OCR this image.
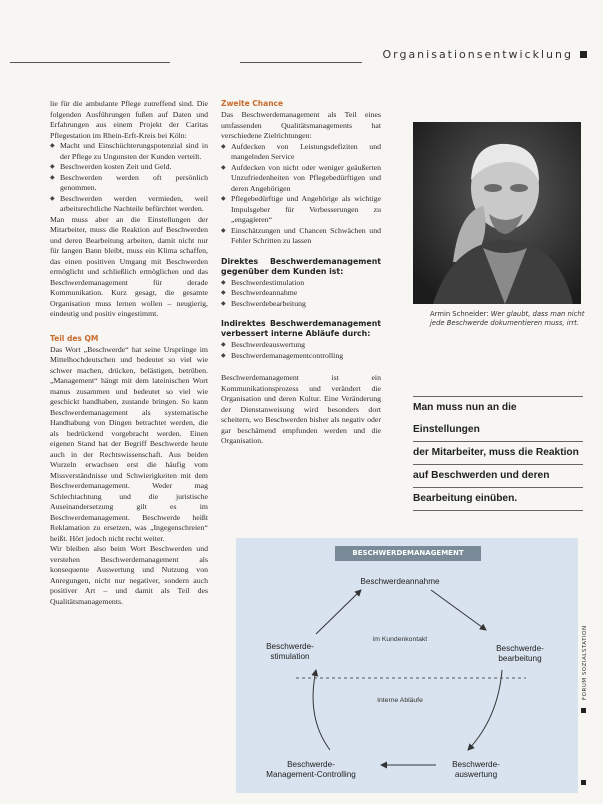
Organisationsentwicklung

lie für die ambulante Pflege zutreffend sind. Die folgenden Ausführungen fußen auf Daten und Erfahrungen aus einem Projekt der Caritas Pflegestation im Rhein-Erft-Kreis bei Köln:

◆ Macht und Einschüchterungspotenzial sind in der Pflege zu Ungunsten der Kunden verteilt.
◆ Beschwerden kosten Zeit und Geld.
◆ Beschwerden werden oft persönlich genommen.
◆ Beschwerden werden vermieden, weil arbeitsrechtliche Nachteile befürchtet werden.

Man muss aber an die Einstellungen der Mitarbeiter, muss die Reaktion auf Beschwerden und deren Bearbeitung arbeiten, damit nicht nur für langen Bann bleibt, muss ein Klima schaffen, das einen positiven Umgang mit Beschwerden ermöglicht und schließlich ermöglichen und das Beschwerdemanagement für derade Kommunikation. Kurz gesagt, die gesamte Organisation muss lernen wollen – neugierig, eindeutig und positiv eingestimmt.

Teil des QM

Das Wort „Beschwerde“ hat seine Ursprünge im Mittelhochdeutschen und bedeutet so viel wie schwer machen, drücken, belästigen, betrüben. „Management“ hängt mit dem lateinischen Wort manus zusammen und bedeutet so viel wie geschickt handhaben, zustande bringen. So kann Beschwerdemanagement als systematische Handhabung von Dingen betrachtet werden, die als bedrückend vorgebracht werden. Einen eigenen Stand hat der Begriff Beschwerde heute auch in der Rechtswissenschaft. Aus beiden Wurzeln erwachsen erst die häufig vom Missverständnisse und Schwierigkeiten mit dem Beschwerdemanagement. Weder mag Schlechtachtung und die juristische Auseinandersetzung gilt es im Beschwerdemanagement. Beschwerde heißt Reklamation zu ersetzen, was „Ingegenschreien“ heißt. Hört jedoch nicht recht weiter.

Wir bleiben also beim Wort Beschwerden und verstehen Beschwerdemanagement als konsequente Auswertung und Nutzung von Anregungen, nicht nur negativer, sondern auch positiver Art – und damit als Teil des Qualitätsmanagements.

Zweite Chance

Das Beschwerdemanagement als Teil eines umfassenden Qualitätsmanagements hat verschiedene Zielrichtungen:

◆ Aufdecken von Leistungsdefiziten und mangelnden Service
◆ Aufdecken von nicht oder weniger geäußerten Unzufriedenheiten von Pflegebedürftigen und deren Angehörigen
◆ Pflegebedürftige und Angehörige als wichtige Impulsgeber für Verbesserungen zu „engagieren“
◆ Einschätzungen und Chancen Schwächen und Fehler Schritten zu lassen
Direktes Beschwerdemanagement gegenüber dem Kunden ist:
◆ Beschwerdestimulation
◆ Beschwerdeannahme
◆ Beschwerdebearbeitung
Indirektes Beschwerdemanagement verbessert interne Abläufe durch:
◆ Beschwerdeauswertung
◆ Beschwerdemanagementcontrolling

Beschwerdemanagement ist ein Kommunikationsprozess und verändert die Organisation und deren Kultur. Eine Veränderung der Dienstanweisung wird besonders dort scheitern, wo Beschwerden bisher als negativ oder gar beschämend empfunden werden und die Organisation.

Armin Schneider: Wer glaubt, dass man nicht jede Beschwerde dokumentieren muss, irrt.
Man muss nun an die Einstellungen
der Mitarbeiter, muss die Reaktion
auf Beschwerden und deren
Bearbeitung einüben.
BESCHWERDEMANAGEMENT
Beschwerdeannahme
Beschwerde-
stimulation
Beschwerde-
bearbeitung
Beschwerde-
Management-Controlling
Beschwerde-
auswertung
im Kundenkontakt
Interne Abläufe
FORUM SOZIALSTATION
